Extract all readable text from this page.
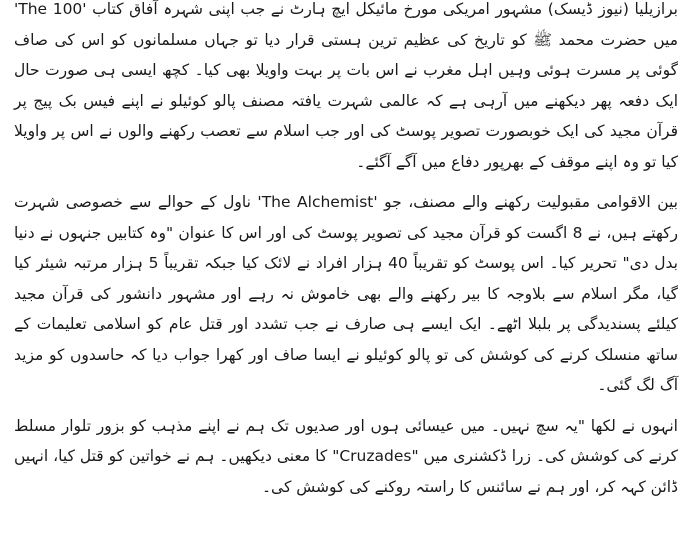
برازیلیا (نیوز ڈیسک) مشہور امریکی مورخ مائیکل ایچ ہارٹ نے جب اپنی شہرہ آفاق کتاب 'The 100' میں حضرت محمد ﷺ کو تاریخ کی عظیم ترین ہستی قرار دیا تو جہاں مسلمانوں کو اس کی صاف گوئی پر مسرت ہوئی وہیں اہل مغرب نے اس بات پر بہت واویلا بھی کیا۔ کچھ ایسی ہی صورت حال ایک دفعہ پھر دیکھنے میں آرہی ہے کہ عالمی شہرت یافتہ مصنف پالو کوئیلو نے اپنے فیس بک پیج پر قرآن مجید کی ایک خوبصورت تصویر پوسٹ کی اور جب اسلام سے تعصب رکھنے والوں نے اس پر واویلا کیا تو وہ اپنے موقف کے بھرپور دفاع میں آگے آگئے۔

بین الاقوامی مقبولیت رکھنے والے مصنف، جو 'The Alchemist' ناول کے حوالے سے خصوصی شہرت رکھتے ہیں، نے 8 اگست کو قرآن مجید کی تصویر پوسٹ کی اور اس کا عنوان "وہ کتابیں جنہوں نے دنیا بدل دی" تحریر کیا۔ اس پوسٹ کو تقریباً 40 ہزار افراد نے لائک کیا جبکہ تقریباً 5 ہزار مرتبہ شیئر کیا گیا، مگر اسلام سے بلاوجہ کا بیر رکھنے والے بھی خاموش نہ رہے اور مشہور دانشور کی قرآن مجید کیلئے پسندیدگی پر بلبلا اٹھے۔ ایک ایسے ہی صارف نے جب تشدد اور قتل عام کو اسلامی تعلیمات کے ساتھ منسلک کرنے کی کوشش کی تو پالو کوئیلو نے ایسا صاف اور کھرا جواب دیا کہ حاسدوں کو مزید آگ لگ گئی۔

انہوں نے لکھا "یہ سچ نہیں۔ میں عیسائی ہوں اور صدیوں تک ہم نے اپنے مذہب کو بزور تلوار مسلط کرنے کی کوشش کی۔ زرا ڈکشنری میں "Cruzades" کا معنی دیکھیں۔ ہم نے خواتین کو قتل کیا، انہیں ڈائن کہہ کر، اور ہم نے سائنس کا راستہ روکنے کی کوشش کی۔
